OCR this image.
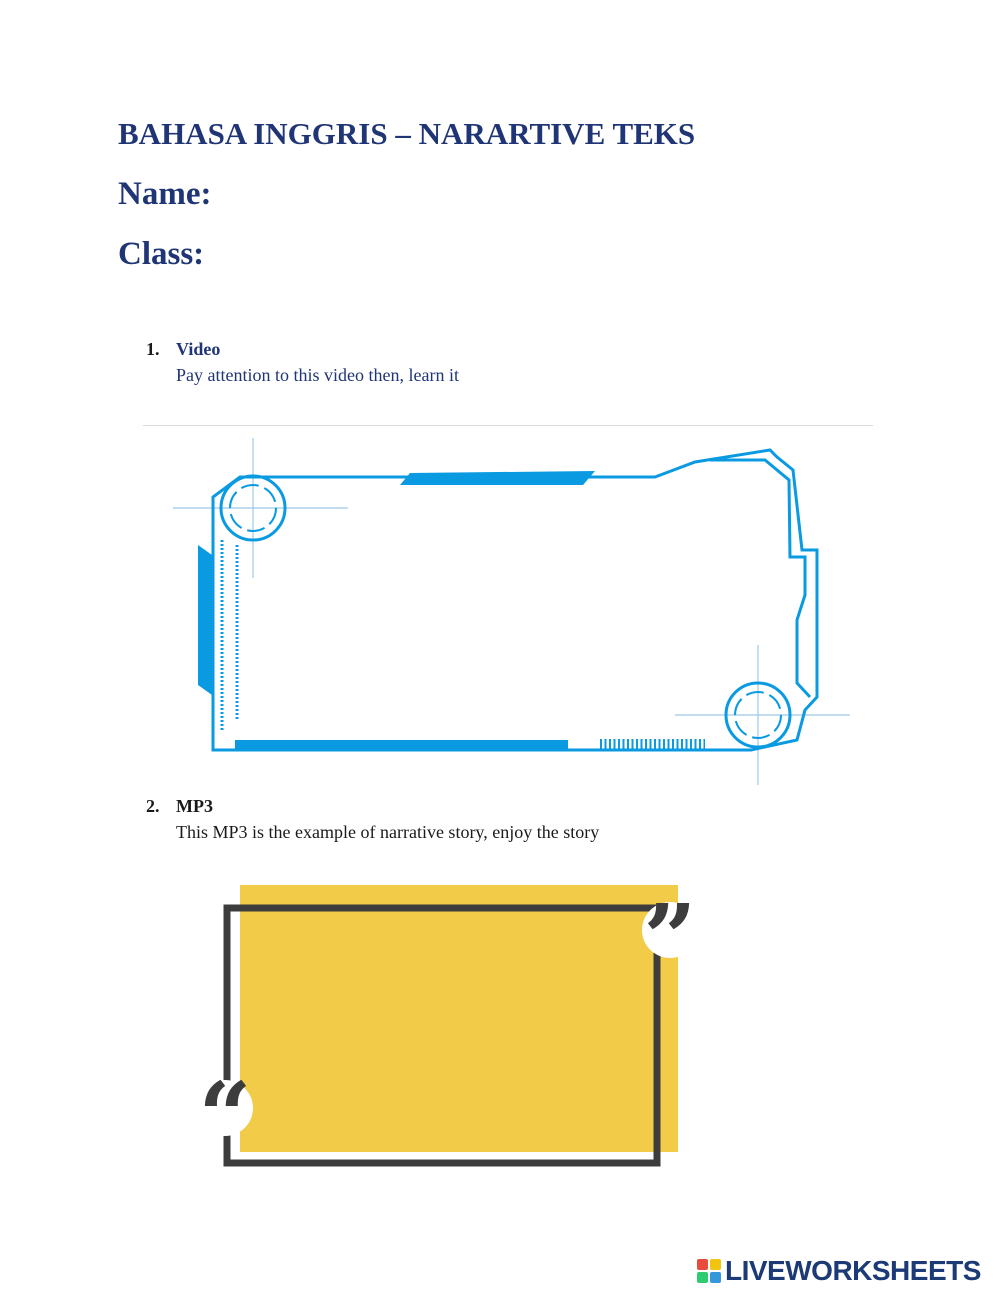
BAHASA INGGRIS – NARARTIVE TEKS
Name:
Class:
1. Video
Pay attention to this video then, learn it
2. MP3
This MP3 is the example of narrative story, enjoy the story
”
“
LIVEWORKSHEETS
